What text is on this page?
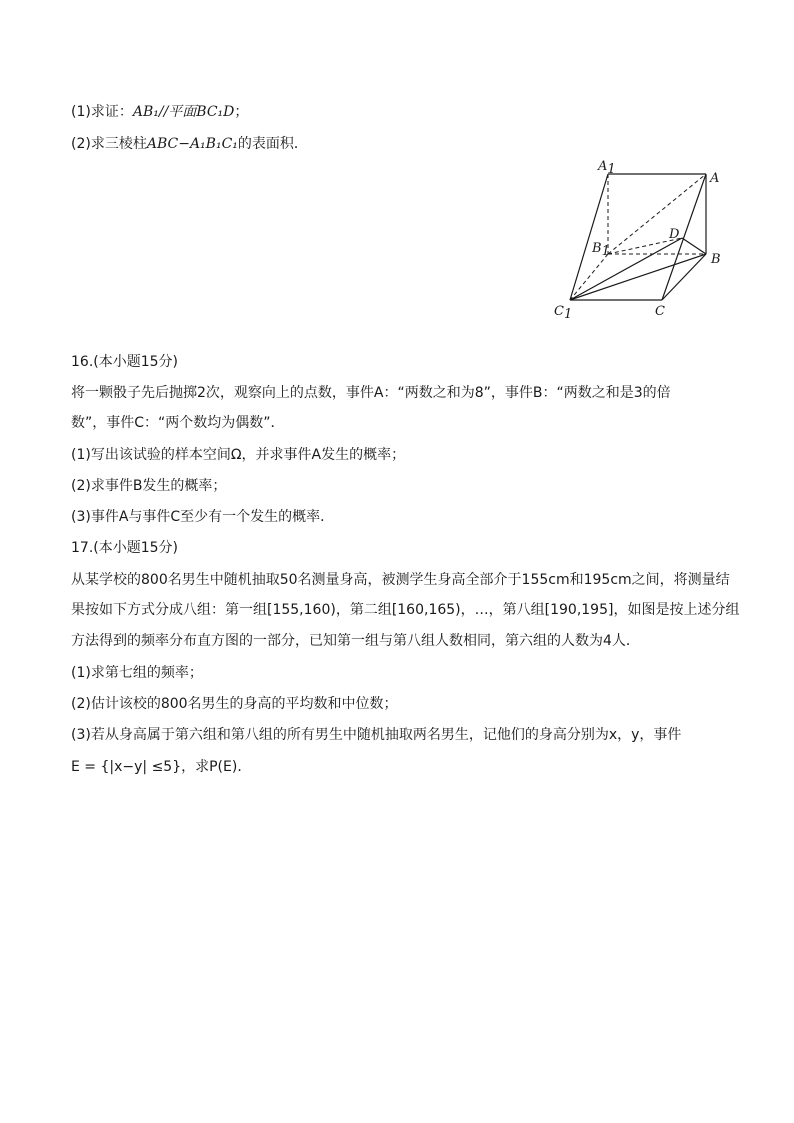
(1)求证：AB₁//平面BC₁D；
(2)求三棱柱ABC−A₁B₁C₁的表面积．
A1
A
D
B1
B
C1	C
16.(本小题15分)
将一颗骰子先后抛掷2次，观察向上的点数，事件A：“两数之和为8”，事件B：“两数之和是3的倍
数”，事件C：“两个数均为偶数”．
(1)写出该试验的样本空间Ω，并求事件A发生的概率；
(2)求事件B发生的概率；
(3)事件A与事件C至少有一个发生的概率．
17.(本小题15分)
从某学校的800名男生中随机抽取50名测量身高，被测学生身高全部介于155cm和195cm之间，将测量结
果按如下方式分成八组：第一组[155,160)，第二组[160,165)，…，第八组[190,195]，如图是按上述分组
方法得到的频率分布直方图的一部分，已知第一组与第八组人数相同，第六组的人数为4人．
(1)求第七组的频率；
(2)估计该校的800名男生的身高的平均数和中位数；
(3)若从身高属于第六组和第八组的所有男生中随机抽取两名男生，记他们的身高分别为x，y，事件
E = {|x−y| ≤5}，求P(E)．
